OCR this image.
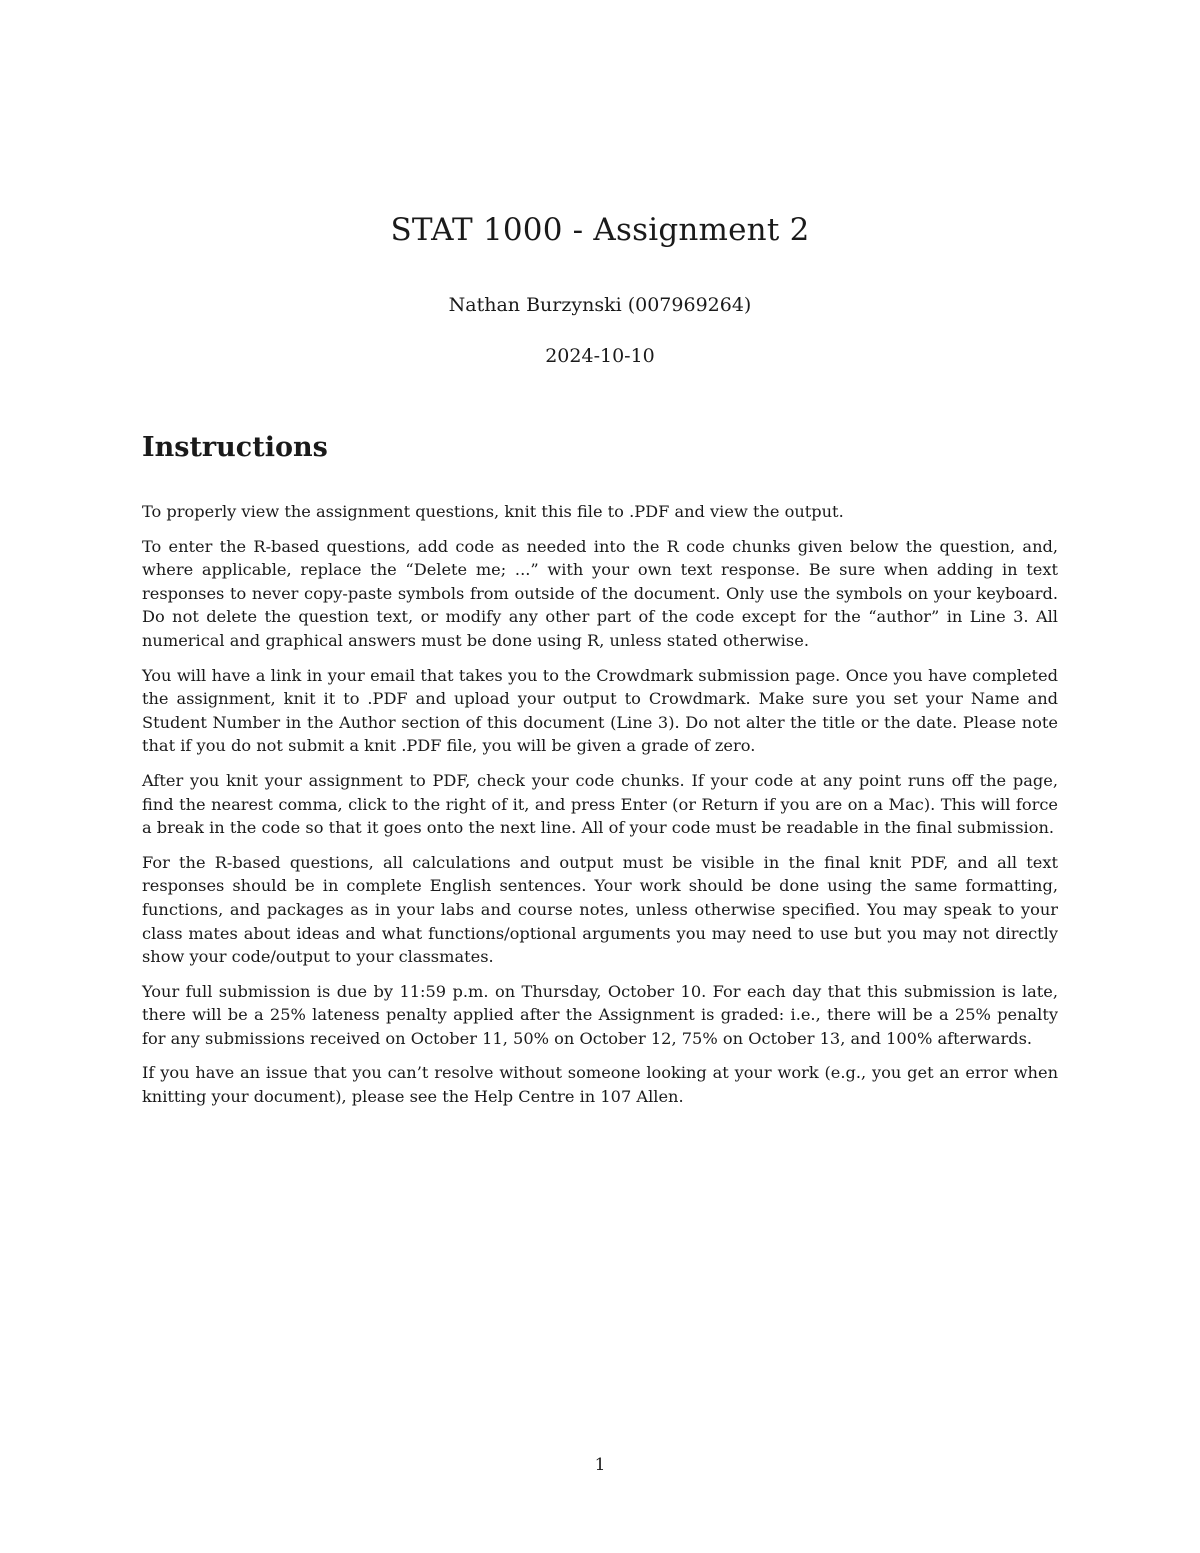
STAT 1000 - Assignment 2
Nathan Burzynski (007969264)
2024-10-10
Instructions

To properly view the assignment questions, knit this file to .PDF and view the output.

To enter the R-based questions, add code as needed into the R code chunks given below the question, and, where applicable, replace the “Delete me; ...” with your own text response. Be sure when adding in text responses to never copy-paste symbols from outside of the document. Only use the symbols on your keyboard. Do not delete the question text, or modify any other part of the code except for the “author” in Line 3. All numerical and graphical answers must be done using R, unless stated otherwise.

You will have a link in your email that takes you to the Crowdmark submission page. Once you have completed the assignment, knit it to .PDF and upload your output to Crowdmark. Make sure you set your Name and Student Number in the Author section of this document (Line 3). Do not alter the title or the date. Please note that if you do not submit a knit .PDF file, you will be given a grade of zero.

After you knit your assignment to PDF, check your code chunks. If your code at any point runs off the page, find the nearest comma, click to the right of it, and press Enter (or Return if you are on a Mac). This will force a break in the code so that it goes onto the next line. All of your code must be readable in the final submission.

For the R-based questions, all calculations and output must be visible in the final knit PDF, and all text responses should be in complete English sentences. Your work should be done using the same formatting, functions, and packages as in your labs and course notes, unless otherwise specified. You may speak to your class mates about ideas and what functions/optional arguments you may need to use but you may not directly show your code/output to your classmates.

Your full submission is due by 11:59 p.m. on Thursday, October 10. For each day that this submission is late, there will be a 25% lateness penalty applied after the Assignment is graded: i.e., there will be a 25% penalty for any submissions received on October 11, 50% on October 12, 75% on October 13, and 100% afterwards.

If you have an issue that you can’t resolve without someone looking at your work (e.g., you get an error when knitting your document), please see the Help Centre in 107 Allen.

1
